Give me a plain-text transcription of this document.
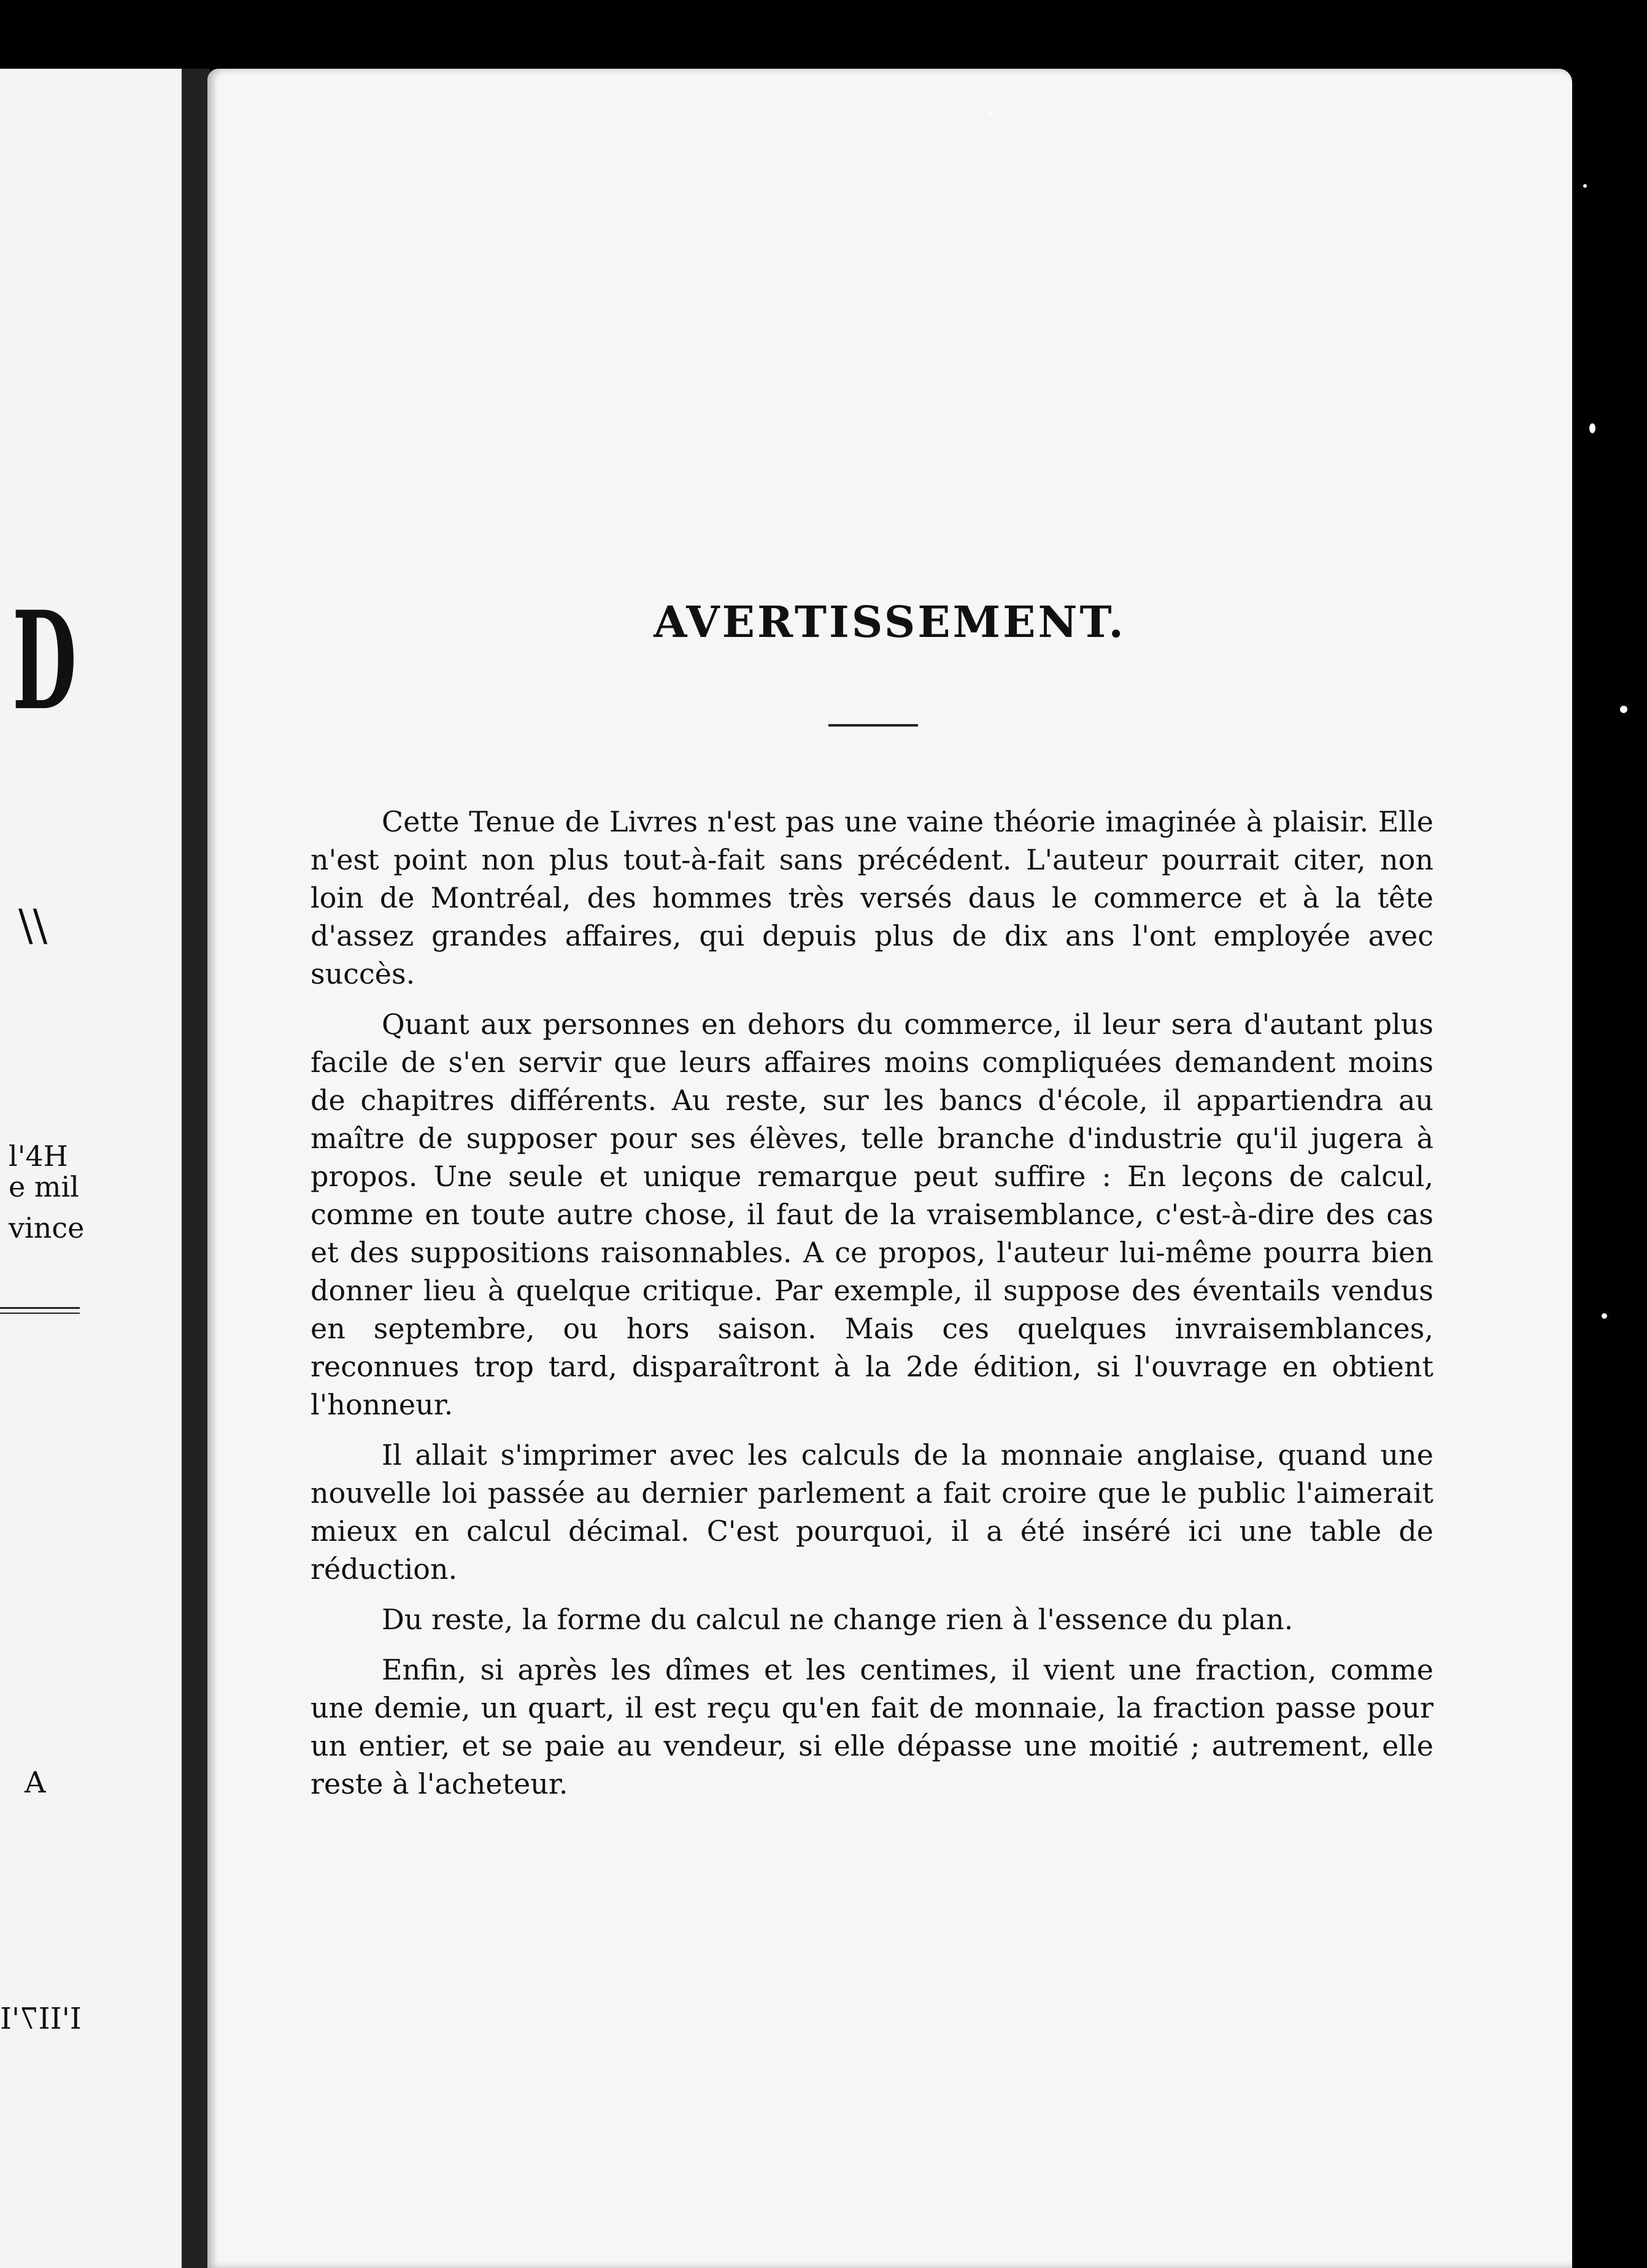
D
\\
l'4H
e mil
vince
A
I'II7'I
AVERTISSEMENT.

Cette Tenue de Livres n'est pas une vaine théorie imaginée à plaisir. Elle n'est point non plus tout-à-fait sans précédent. L'auteur pourrait citer, non loin de Montréal, des hommes très versés daus le commerce et à la tête d'assez grandes affaires, qui depuis plus de dix ans l'ont employée avec succès.

Quant aux personnes en dehors du commerce, il leur sera d'autant plus facile de s'en servir que leurs affaires moins compliquées demandent moins de chapitres différents. Au reste, sur les bancs d'école, il appartiendra au maître de supposer pour ses élèves, telle branche d'industrie qu'il jugera à propos. Une seule et unique remarque peut suffire : En leçons de calcul, comme en toute autre chose, il faut de la vraisemblance, c'est-à-dire des cas et des suppositions raisonnables. A ce propos, l'auteur lui-même pourra bien donner lieu à quelque critique. Par exemple, il suppose des éventails vendus en septembre, ou hors saison. Mais ces quelques invraisemblances, reconnues trop tard, disparaîtront à la 2de édition, si l'ouvrage en obtient l'honneur.

Il allait s'imprimer avec les calculs de la monnaie anglaise, quand une nouvelle loi passée au dernier parlement a fait croire que le public l'aimerait mieux en calcul décimal. C'est pourquoi, il a été inséré ici une table de réduction.

Du reste, la forme du calcul ne change rien à l'essence du plan.

Enfin, si après les dîmes et les centimes, il vient une fraction, comme une demie, un quart, il est reçu qu'en fait de monnaie, la fraction passe pour un entier, et se paie au vendeur, si elle dépasse une moitié ; autrement, elle reste à l'acheteur.
